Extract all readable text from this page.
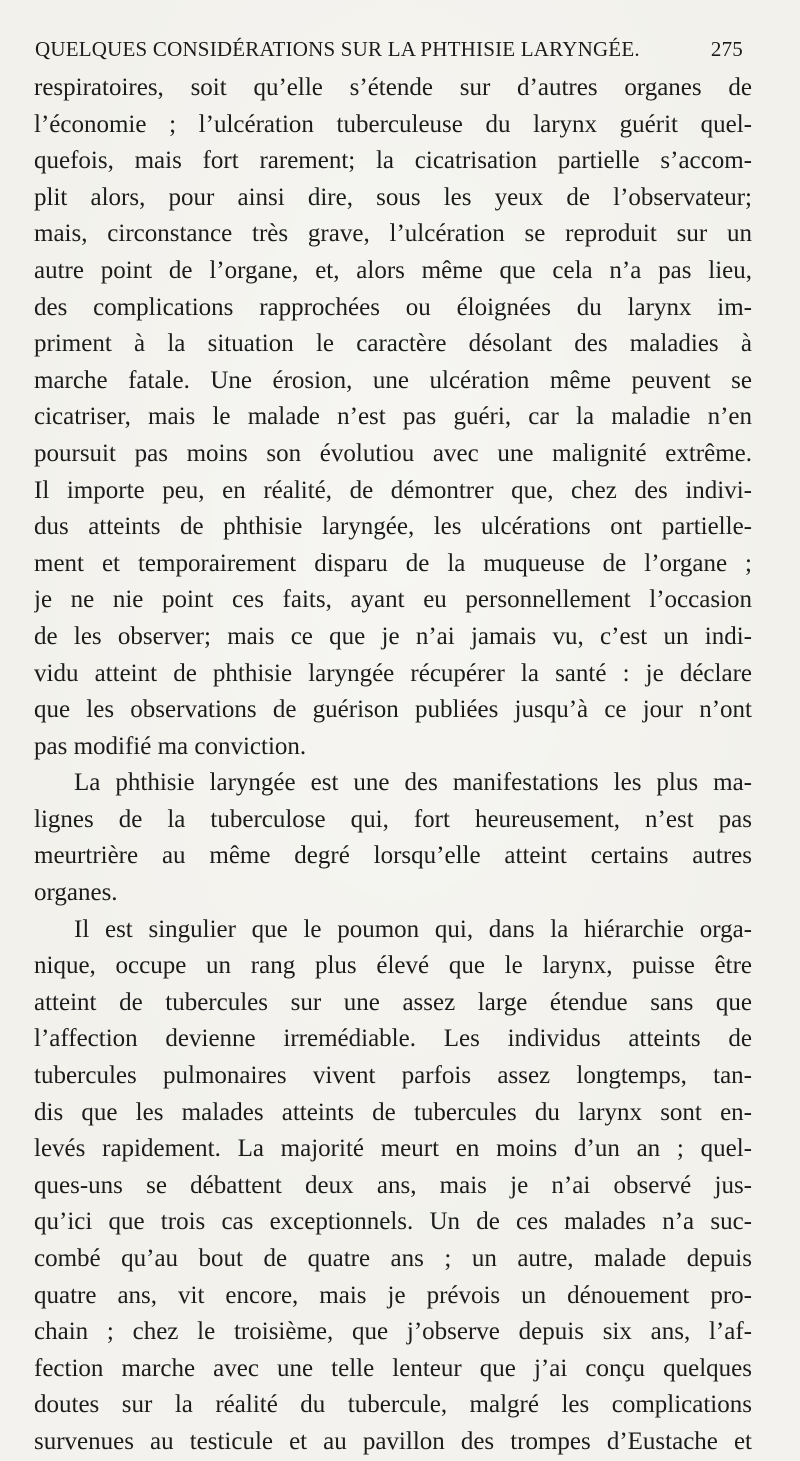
QUELQUES CONSIDÉRATIONS SUR LA PHTHISIE LARYNGÉE.	275
respiratoires, soit qu’elle s’étende sur d’autres organes de
l’économie ; l’ulcération tuberculeuse du larynx guérit quel-
quefois, mais fort rarement; la cicatrisation partielle s’accom-
plit alors, pour ainsi dire, sous les yeux de l’observateur;
mais, circonstance très grave, l’ulcération se reproduit sur un
autre point de l’organe, et, alors même que cela n’a pas lieu,
des complications rapprochées ou éloignées du larynx im-
priment à la situation le caractère désolant des maladies à
marche fatale. Une érosion, une ulcération même peuvent se
cicatriser, mais le malade n’est pas guéri, car la maladie n’en
poursuit pas moins son évolutiou avec une malignité extrême.
Il importe peu, en réalité, de démontrer que, chez des indivi-
dus atteints de phthisie laryngée, les ulcérations ont partielle-
ment et temporairement disparu de la muqueuse de l’organe ;
je ne nie point ces faits, ayant eu personnellement l’occasion
de les observer; mais ce que je n’ai jamais vu, c’est un indi-
vidu atteint de phthisie laryngée récupérer la santé : je déclare
que les observations de guérison publiées jusqu’à ce jour n’ont
pas modifié ma conviction.
La phthisie laryngée est une des manifestations les plus ma-
lignes de la tuberculose qui, fort heureusement, n’est pas
meurtrière au même degré lorsqu’elle atteint certains autres
organes.
Il est singulier que le poumon qui, dans la hiérarchie orga-
nique, occupe un rang plus élevé que le larynx, puisse être
atteint de tubercules sur une assez large étendue sans que
l’affection devienne irremédiable. Les individus atteints de
tubercules pulmonaires vivent parfois assez longtemps, tan-
dis que les malades atteints de tubercules du larynx sont en-
levés rapidement. La majorité meurt en moins d’un an ; quel-
ques-uns se débattent deux ans, mais je n’ai observé jus-
qu’ici que trois cas exceptionnels. Un de ces malades n’a suc-
combé qu’au bout de quatre ans ; un autre, malade depuis
quatre ans, vit encore, mais je prévois un dénouement pro-
chain ; chez le troisième, que j’observe depuis six ans, l’af-
fection marche avec une telle lenteur que j’ai conçu quelques
doutes sur la réalité du tubercule, malgré les complications
survenues au testicule et au pavillon des trompes d’Eustache et
